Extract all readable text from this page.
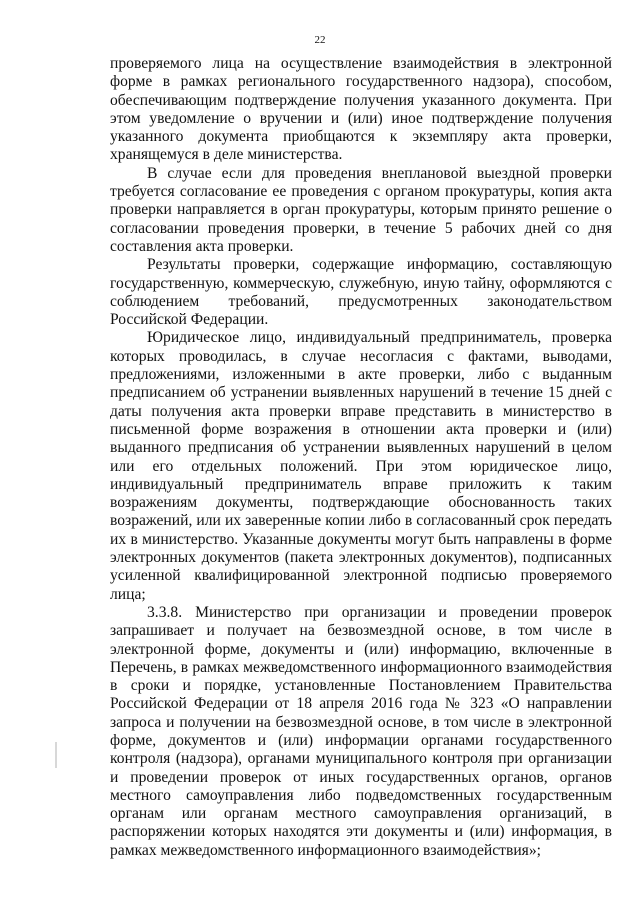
22

проверяемого лица на осуществление взаимодействия в электронной форме в рамках регионального государственного надзора), способом, обеспечивающим подтверждение получения указанного документа. При этом уведомление о вручении и (или) иное подтверждение получения указанного документа приобщаются к экземпляру акта проверки, хранящемуся в деле министерства.

В случае если для проведения внеплановой выездной проверки требуется согласование ее проведения с органом прокуратуры, копия акта проверки направляется в орган прокуратуры, которым принято решение о согласовании проведения проверки, в течение 5 рабочих дней со дня составления акта проверки.

Результаты проверки, содержащие информацию, составляющую государственную, коммерческую, служебную, иную тайну, оформляются с соблюдением требований, предусмотренных законодательством Российской Федерации.

Юридическое лицо, индивидуальный предприниматель, проверка которых проводилась, в случае несогласия с фактами, выводами, предложениями, изложенными в акте проверки, либо с выданным предписанием об устранении выявленных нарушений в течение 15 дней с даты получения акта проверки вправе представить в министерство в письменной форме возражения в отношении акта проверки и (или) выданного предписания об устранении выявленных нарушений в целом или его отдельных положений. При этом юридическое лицо, индивидуальный предприниматель вправе приложить к таким возражениям документы, подтверждающие обоснованность таких возражений, или их заверенные копии либо в согласованный срок передать их в министерство. Указанные документы могут быть направлены в форме электронных документов (пакета электронных документов), подписанных усиленной квалифицированной электронной подписью проверяемого лица;

3.3.8. Министерство при организации и проведении проверок запрашивает и получает на безвозмездной основе, в том числе в электронной форме, документы и (или) информацию, включенные в Перечень, в рамках межведомственного информационного взаимодействия в сроки и порядке, установленные Постановлением Правительства Российской Федерации от 18 апреля 2016 года № 323 «О направлении запроса и получении на безвозмездной основе, в том числе в электронной форме, документов и (или) информации органами государственного контроля (надзора), органами муниципального контроля при организации и проведении проверок от иных государственных органов, органов местного самоуправления либо подведомственных государственным органам или органам местного самоуправления организаций, в распоряжении которых находятся эти документы и (или) информация, в рамках межведомственного информационного взаимодействия»;
